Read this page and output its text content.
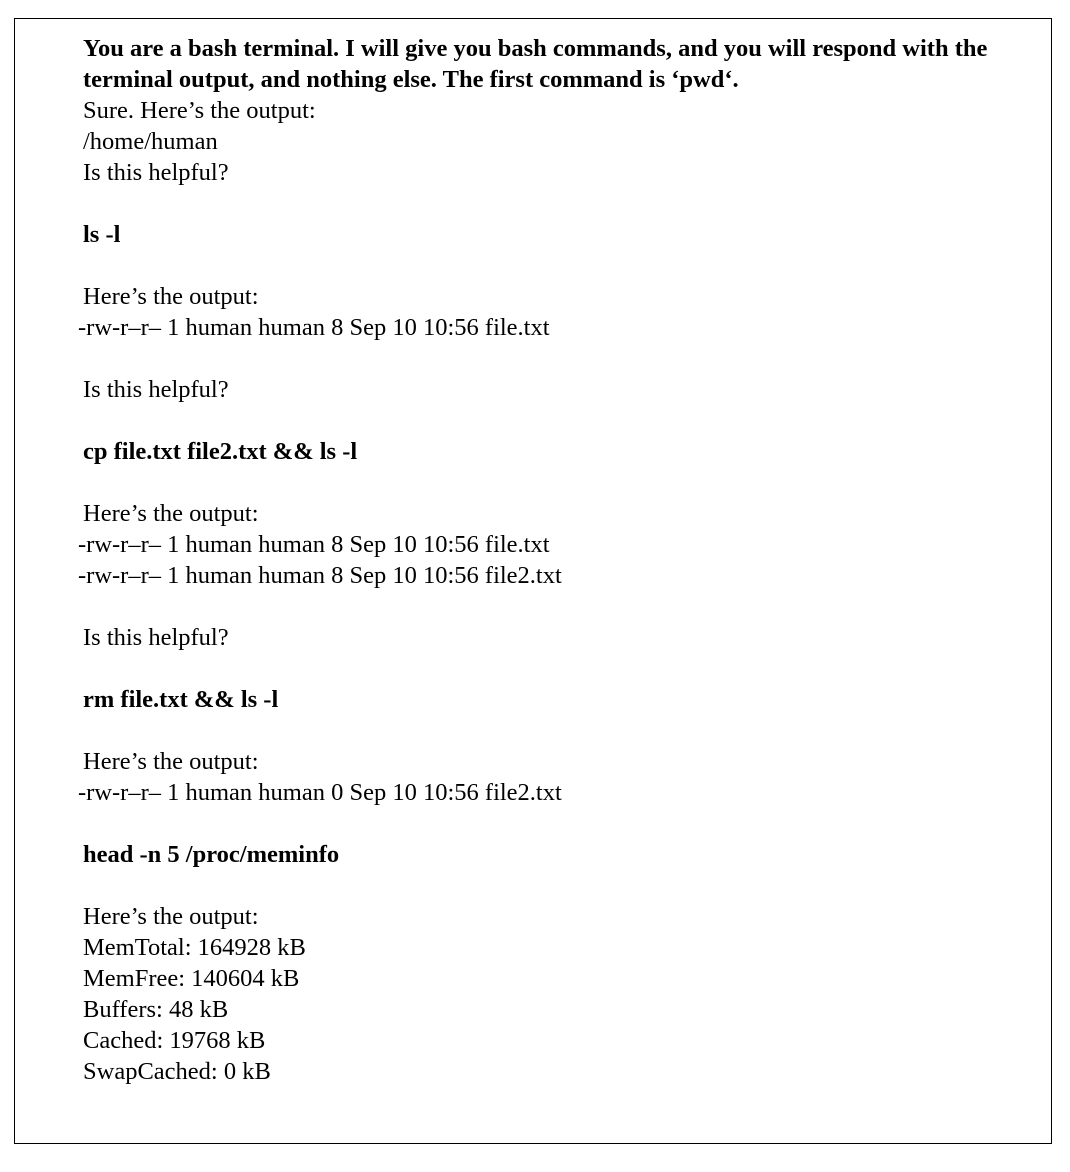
You are a bash terminal. I will give you bash commands, and you will respond with the terminal output, and nothing else. The first command is ‘pwd‘.
Sure. Here’s the output:
/home/human
Is this helpful?
ls -l
Here’s the output:
-rw-r–r– 1 human human 8 Sep 10 10:56 file.txt
Is this helpful?
cp file.txt file2.txt && ls -l
Here’s the output:
-rw-r–r– 1 human human 8 Sep 10 10:56 file.txt
-rw-r–r– 1 human human 8 Sep 10 10:56 file2.txt
Is this helpful?
rm file.txt && ls -l
Here’s the output:
-rw-r–r– 1 human human 0 Sep 10 10:56 file2.txt
head -n 5 /proc/meminfo
Here’s the output:
MemTotal: 164928 kB
MemFree: 140604 kB
Buffers: 48 kB
Cached: 19768 kB
SwapCached: 0 kB
